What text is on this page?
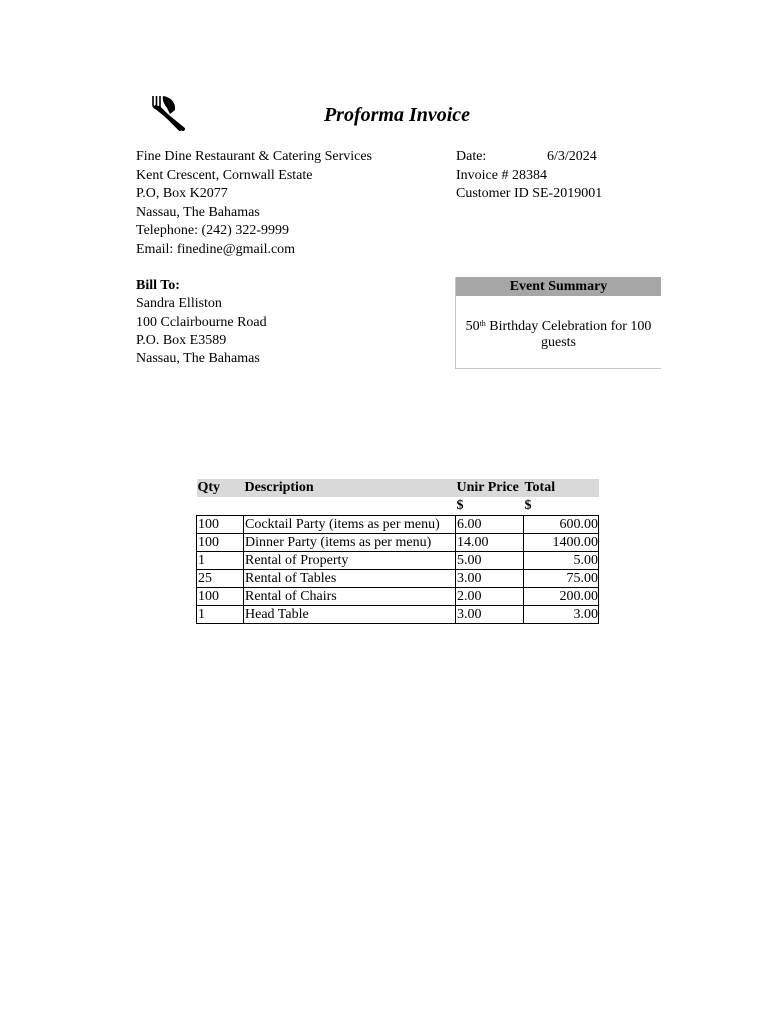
Proforma Invoice
Fine Dine Restaurant & Catering Services
Kent Crescent, Cornwall Estate
P.O, Box K2077
Nassau, The Bahamas
Telephone: (242) 322-9999
Email: finedine@gmail.com
Date:	6/3/2024
Invoice # 28384
Customer ID SE-2019001
Bill To:
Sandra Elliston
100 Cclairbourne Road
P.O. Box E3589
Nassau, The Bahamas
Event Summary
50th Birthday Celebration for 100 guests
Qty	Description	Unir Price	Total
		$	$
100	Cocktail Party (items as per menu)	6.00	600.00
100	Dinner Party (items as per menu)	14.00	1400.00
1	Rental of Property	5.00	5.00
25	Rental of Tables	3.00	75.00
100	Rental of Chairs	2.00	200.00
1	Head Table	3.00	3.00
